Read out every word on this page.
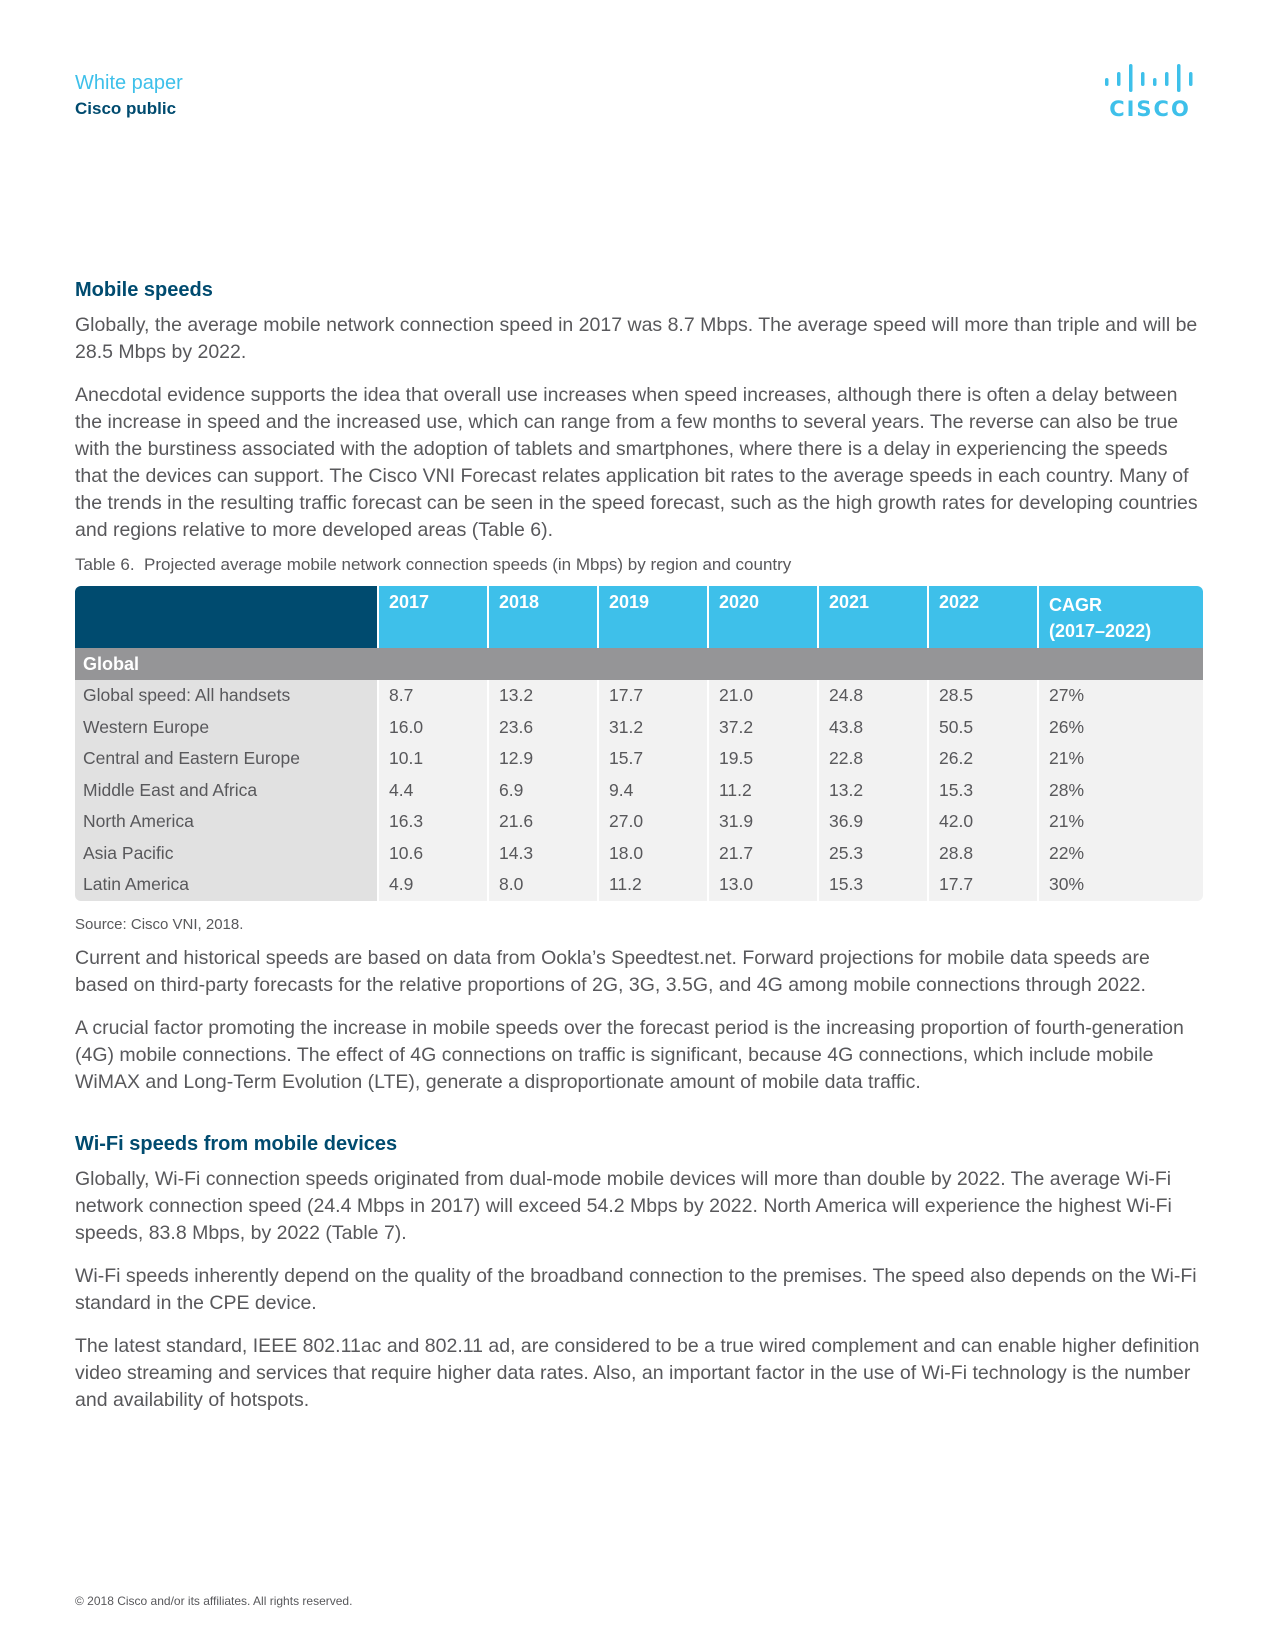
White paper
Cisco public	CISCO
Mobile speeds

Globally, the average mobile network connection speed in 2017 was 8.7 Mbps. The average speed will more than triple and will be 28.5 Mbps by 2022.

Anecdotal evidence supports the idea that overall use increases when speed increases, although there is often a delay between the increase in speed and the increased use, which can range from a few months to several years. The reverse can also be true with the burstiness associated with the adoption of tablets and smartphones, where there is a delay in experiencing the speeds that the devices can support. The Cisco VNI Forecast relates application bit rates to the average speeds in each country. Many of the trends in the resulting traffic forecast can be seen in the speed forecast, such as the high growth rates for developing countries and regions relative to more developed areas (Table 6).

Table 6. Projected average mobile network connection speeds (in Mbps) by region and country
	2017	2018	2019	2020	2021	2022	CAGR
(2017–2022)
Global							
Global speed: All handsets	8.7	13.2	17.7	21.0	24.8	28.5	27%
Western Europe	16.0	23.6	31.2	37.2	43.8	50.5	26%
Central and Eastern Europe	10.1	12.9	15.7	19.5	22.8	26.2	21%
Middle East and Africa	4.4	6.9	9.4	11.2	13.2	15.3	28%
North America	16.3	21.6	27.0	31.9	36.9	42.0	21%
Asia Pacific	10.6	14.3	18.0	21.7	25.3	28.8	22%
Latin America	4.9	8.0	11.2	13.0	15.3	17.7	30%
Source: Cisco VNI, 2018.

Current and historical speeds are based on data from Ookla’s Speedtest.net. Forward projections for mobile data speeds are based on third-party forecasts for the relative proportions of 2G, 3G, 3.5G, and 4G among mobile connections through 2022.

A crucial factor promoting the increase in mobile speeds over the forecast period is the increasing proportion of fourth-generation (4G) mobile connections. The effect of 4G connections on traffic is significant, because 4G connections, which include mobile WiMAX and Long-Term Evolution (LTE), generate a disproportionate amount of mobile data traffic.

Wi-Fi speeds from mobile devices

Globally, Wi-Fi connection speeds originated from dual-mode mobile devices will more than double by 2022. The average Wi-Fi network connection speed (24.4 Mbps in 2017) will exceed 54.2 Mbps by 2022. North America will experience the highest Wi-Fi speeds, 83.8 Mbps, by 2022 (Table 7).

Wi-Fi speeds inherently depend on the quality of the broadband connection to the premises. The speed also depends on the Wi-Fi standard in the CPE device.

The latest standard, IEEE 802.11ac and 802.11 ad, are considered to be a true wired complement and can enable higher definition video streaming and services that require higher data rates. Also, an important factor in the use of Wi-Fi technology is the number and availability of hotspots.

© 2018 Cisco and/or its affiliates. All rights reserved.
